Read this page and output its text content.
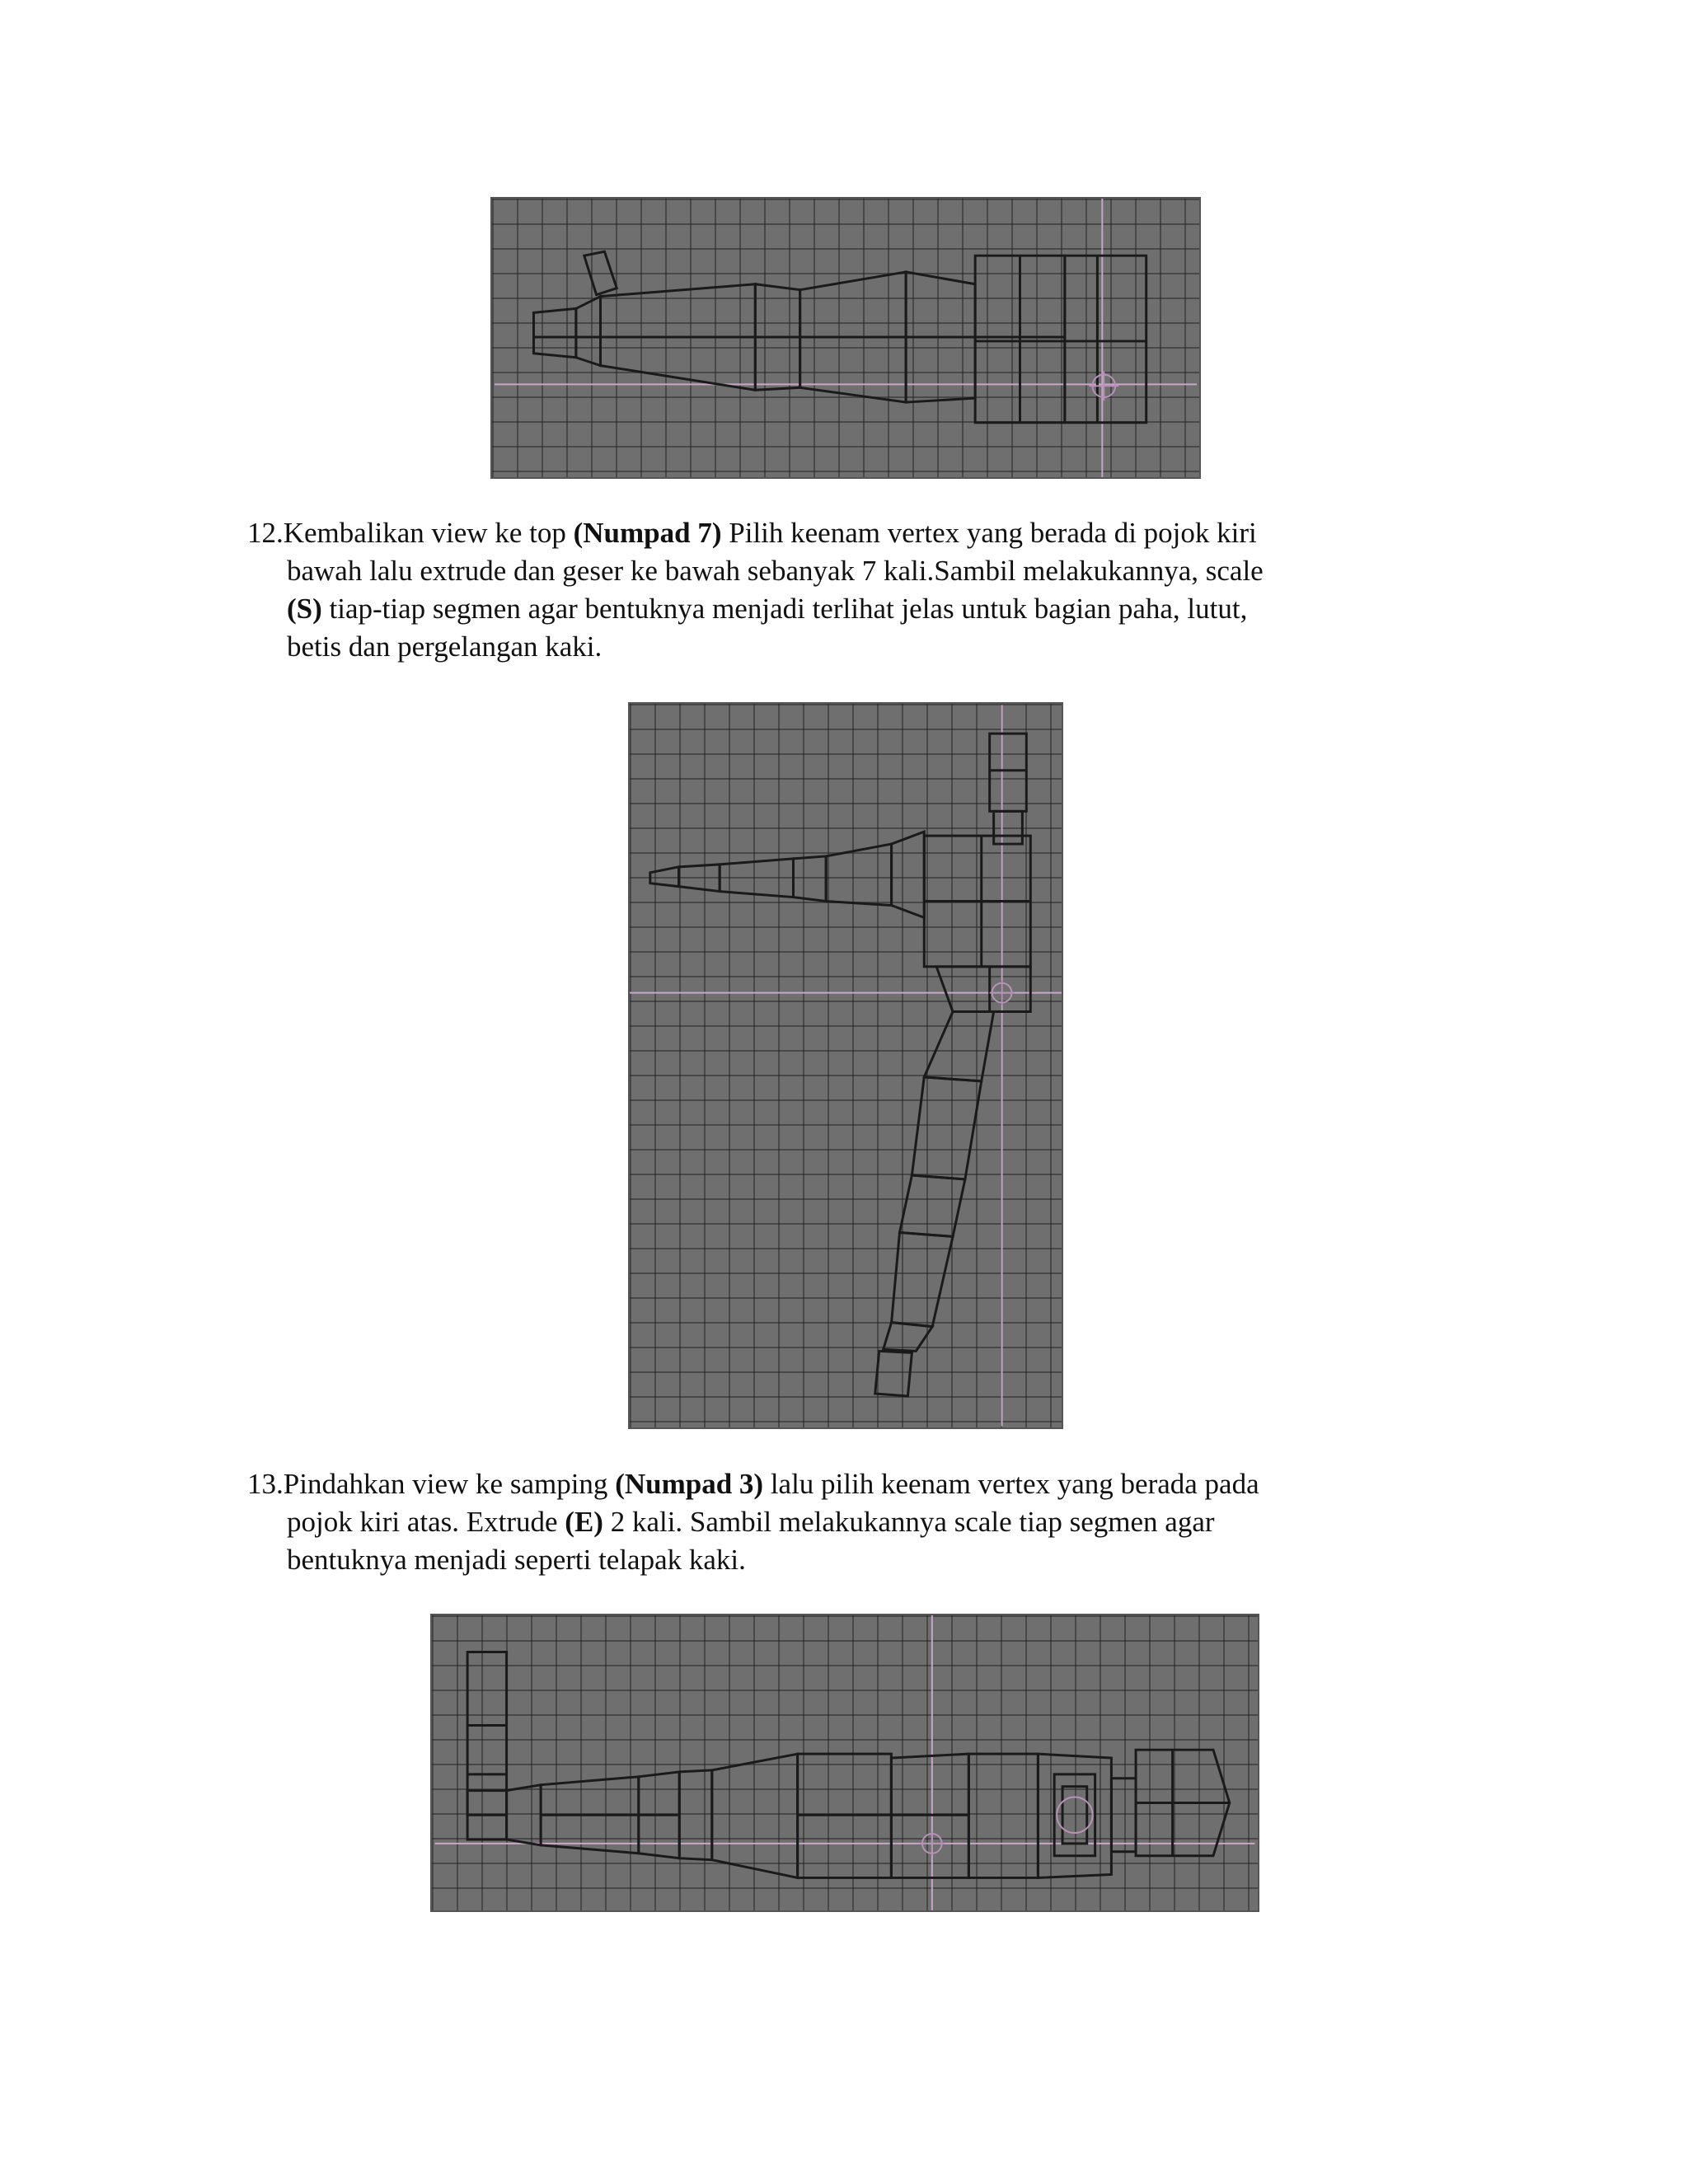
12.Kembalikan view ke top (Numpad 7) Pilih keenam vertex yang berada di pojok kiri
bawah lalu extrude dan geser ke bawah sebanyak 7 kali.Sambil melakukannya, scale
(S) tiap-tiap segmen agar bentuknya menjadi terlihat jelas untuk bagian paha, lutut,
betis dan pergelangan kaki.
13.Pindahkan view ke samping (Numpad 3) lalu pilih keenam vertex yang berada pada
pojok kiri atas. Extrude (E) 2 kali. Sambil melakukannya scale tiap segmen agar
bentuknya menjadi seperti telapak kaki.
